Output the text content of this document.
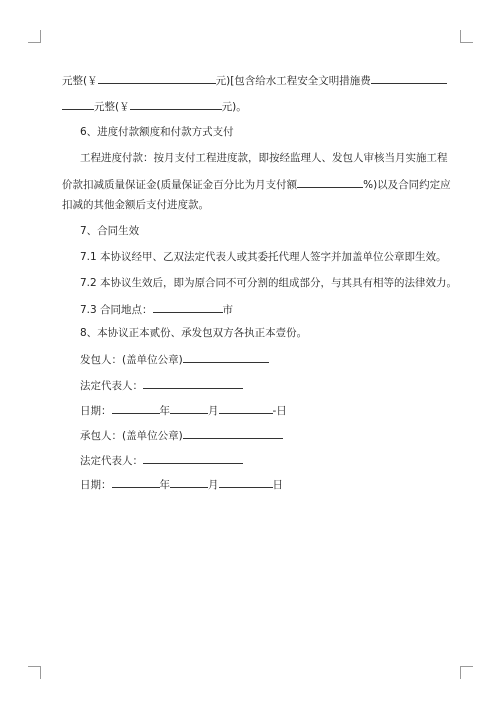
元整(￥	元)[包含给水工程安全文明措施费
元整(￥	元)。
6、进度付款额度和付款方式支付
工程进度付款：按月支付工程进度款，即按经监理人、发包人审核当月实施工程
价款扣减质量保证金(质量保证金百分比为月支付额	%)以及合同约定应
扣减的其他金额后支付进度款。
7、合同生效
7.1 本协议经甲、乙双法定代表人或其委托代理人签字并加盖单位公章即生效。
7.2 本协议生效后，即为原合同不可分割的组成部分，与其具有相等的法律效力。
7.3 合同地点：	市
8、本协议正本贰份、承发包双方各执正本壹份。
发包人：(盖单位公章)
法定代表人：
日期：	年	月	-日
承包人：(盖单位公章)
法定代表人：
日期：	年	月	日
